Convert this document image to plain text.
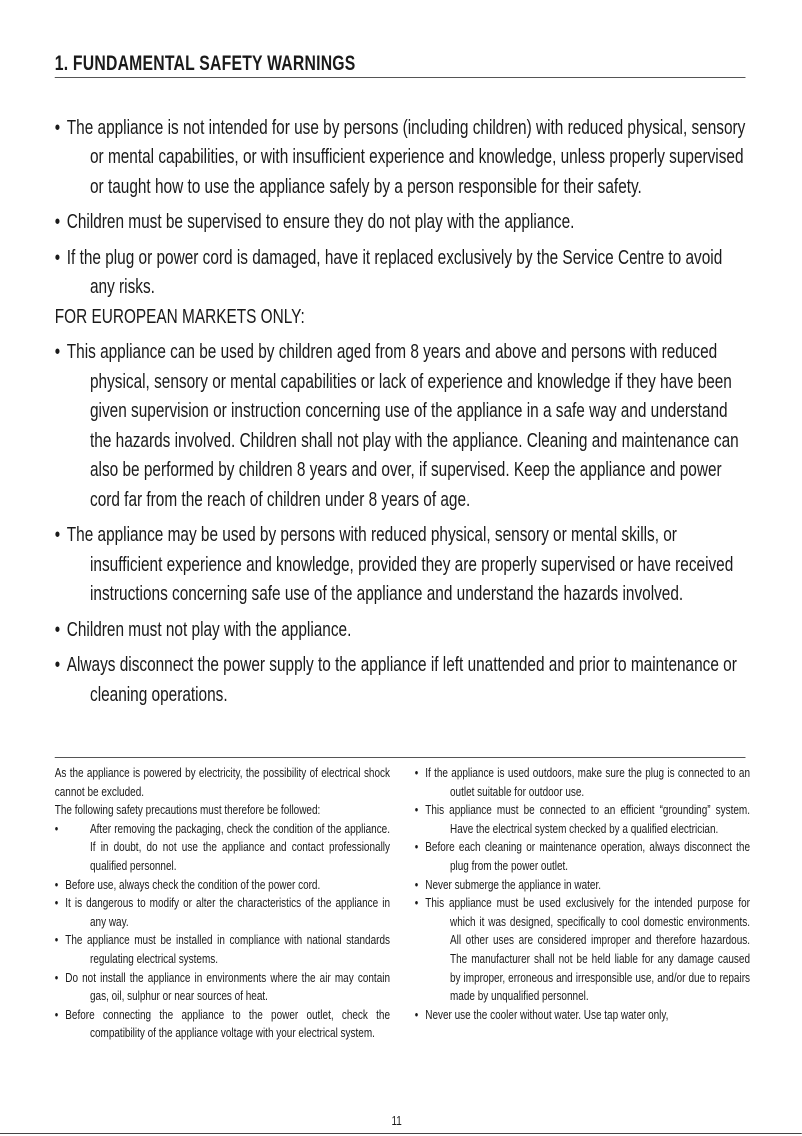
1. FUNDAMENTAL SAFETY WARNINGS

• The appliance is not intended for use by persons (including children) with reduced physical, sensory or mental capabilities, or with insufficient experience and knowledge, unless properly supervised or taught how to use the appliance safely by a person responsible for their safety.

• Children must be supervised to ensure they do not play with the appliance.

• If the plug or power cord is damaged, have it replaced exclusively by the Service Centre to avoid any risks.

FOR EUROPEAN MARKETS ONLY:

• This appliance can be used by children aged from 8 years and above and persons with reduced physical, sensory or mental capabilities or lack of experience and knowledge if they have been given supervision or instruction concerning use of the appliance in a safe way and understand the hazards involved. Children shall not play with the appliance. Cleaning and maintenance can also be performed by children 8 years and over, if supervised. Keep the appliance and power cord far from the reach of children under 8 years of age.

• The appliance may be used by persons with reduced physical, sensory or mental skills, or insufficient experience and knowledge, provided they are properly supervised or have received instructions concerning safe use of the appliance and understand the hazards involved.

• Children must not play with the appliance.

• Always disconnect the power supply to the appliance if left unattended and prior to maintenance or cleaning operations.

As the appliance is powered by electricity, the possibility of electrical shock cannot be excluded.

The following safety precautions must therefore be followed:

• After removing the packaging, check the condition of the appliance. If in doubt, do not use the appliance and contact professionally qualified personnel.

• Before use, always check the condition of the power cord.

• It is dangerous to modify or alter the characteristics of the appliance in any way.

• The appliance must be installed in compliance with national standards regulating electrical systems.

• Do not install the appliance in environments where the air may contain gas, oil, sulphur or near sources of heat.

• Before connecting the appliance to the power outlet, check the compatibility of the appliance voltage with your electrical system.

• If the appliance is used outdoors, make sure the plug is connected to an outlet suitable for outdoor use.

• This appliance must be connected to an efficient “grounding” system. Have the electrical system checked by a qualified electrician.

• Before each cleaning or maintenance operation, always disconnect the plug from the power outlet.

• Never submerge the appliance in water.

• This appliance must be used exclusively for the intended purpose for which it was designed, specifically to cool domestic environments. All other uses are considered improper and therefore hazardous. The manufacturer shall not be held liable for any damage caused by improper, erroneous and irresponsible use, and/or due to repairs made by unqualified personnel.

• Never use the cooler without water. Use tap water only,

11
